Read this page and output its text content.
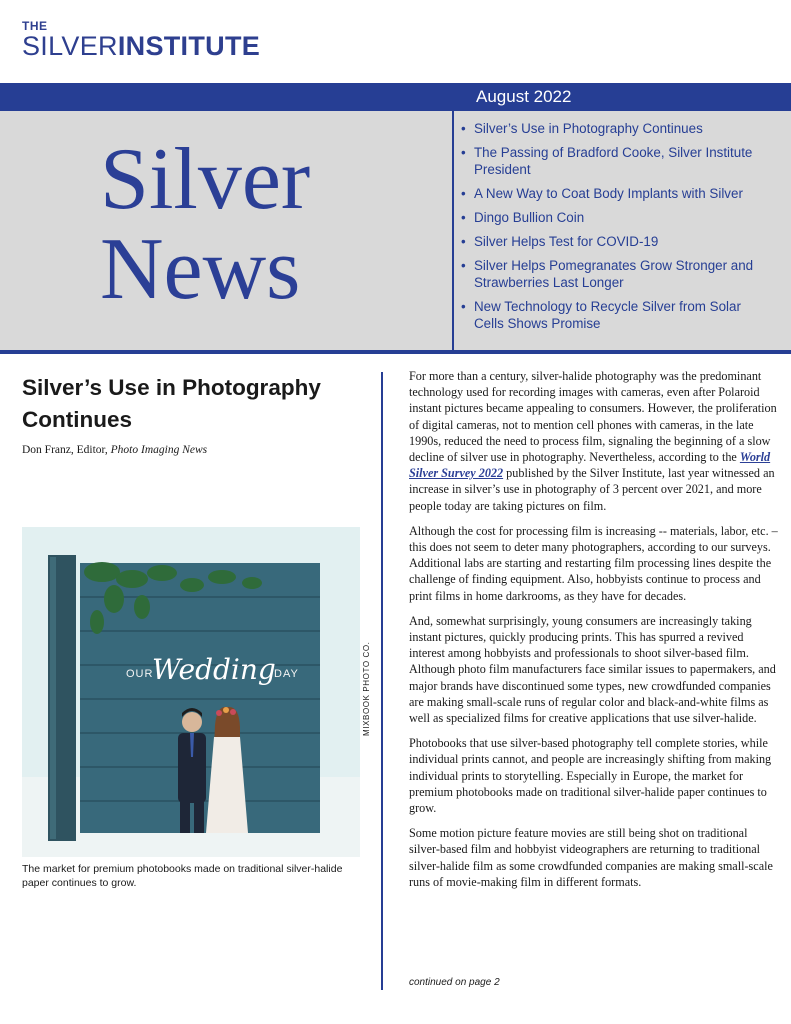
THE
SILVERINSTITUTE
August 2022
Silver
News
• Silver’s Use in Photography Continues
• The Passing of Bradford Cooke, Silver Institute President
• A New Way to Coat Body Implants with Silver
• Dingo Bullion Coin
• Silver Helps Test for COVID-19
• Silver Helps Pomegranates Grow Stronger and Strawberries Last Longer
• New Technology to Recycle Silver from Solar Cells Shows Promise
Silver’s Use in Photography Continues
Don Franz, Editor, Photo Imaging News
OUR
Wedding
DAY	MIXBOOK PHOTO CO.
The market for premium photobooks made on traditional silver-halide paper continues to grow.

For more than a century, silver-halide photography was the predominant technology used for recording images with cameras, even after Polaroid instant pictures became appealing to consumers. However, the proliferation of digital cameras, not to mention cell phones with cameras, in the late 1990s, reduced the need to process film, signaling the beginning of a slow decline of silver use in photography. Nevertheless, according to the World Silver Survey 2022 published by the Silver Institute, last year witnessed an increase in silver’s use in photography of 3 percent over 2021, and more people today are taking pictures on film.

Although the cost for processing film is increasing -- materials, labor, etc. – this does not seem to deter many photographers, according to our surveys. Additional labs are starting and restarting film processing lines despite the challenge of finding equipment. Also, hobbyists continue to process and print films in home darkrooms, as they have for decades.

And, somewhat surprisingly, young consumers are increasingly taking instant pictures, quickly producing prints. This has spurred a revived interest among hobbyists and professionals to shoot silver-based film. Although photo film manufacturers face similar issues to papermakers, and major brands have discontinued some types, new crowdfunded companies are making small-scale runs of regular color and black-and-white films as well as specialized films for creative applications that use silver-halide.

Photobooks that use silver-based photography tell complete stories, while individual prints cannot, and people are increasingly shifting from making individual prints to storytelling. Especially in Europe, the market for premium photobooks made on traditional silver-halide paper continues to grow.

Some motion picture feature movies are still being shot on traditional silver-based film and hobbyist videographers are returning to traditional silver-halide film as some crowdfunded companies are making small-scale runs of movie-making film in different formats.

continued on page 2
